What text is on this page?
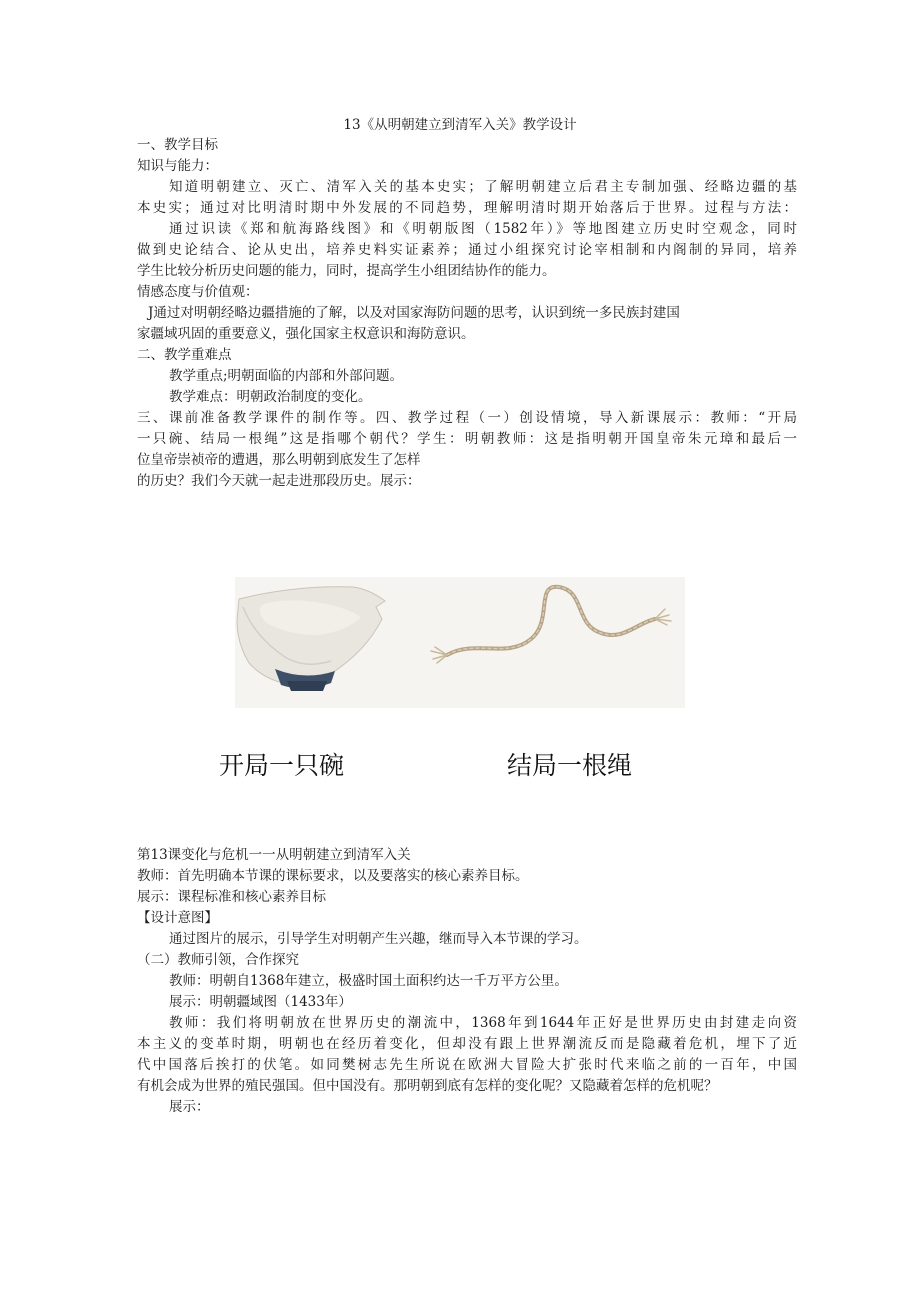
13《从明朝建立到清军入关》教学设计
一、教学目标
知识与能力：
知道明朝建立、灭亡、清军入关的基本史实；了解明朝建立后君主专制加强、经略边疆的基
本史实；通过对比明清时期中外发展的不同趋势，理解明清时期开始落后于世界。过程与方法：
通过识读《郑和航海路线图》和《明朝版图（1582年）》等地图建立历史时空观念，同时
做到史论结合、论从史出，培养史料实证素养；通过小组探究讨论宰相制和内阁制的异同，培养
学生比较分析历史问题的能力，同时，提高学生小组团结协作的能力。
情感态度与价值观：
J通过对明朝经略边疆措施的了解，以及对国家海防问题的思考，认识到统一多民族封建国
家疆域巩固的重要意义，强化国家主权意识和海防意识。
二、教学重难点
教学重点;明朝面临的内部和外部问题。
教学难点：明朝政治制度的变化。
三、课前准备教学课件的制作等。四、教学过程（一）创设情境，导入新课展示：教师：“开局
一只碗、结局一根绳”这是指哪个朝代？学生：明朝教师：这是指明朝开国皇帝朱元璋和最后一
位皇帝崇祯帝的遭遇，那么明朝到底发生了怎样
的历史？我们今天就一起走进那段历史。展示：
开局一只碗	结局一根绳
第13课变化与危机一一从明朝建立到清军入关
教师：首先明确本节课的课标要求，以及要落实的核心素养目标。
展示：课程标准和核心素养目标
【设计意图】
通过图片的展示，引导学生对明朝产生兴趣，继而导入本节课的学习。
（二）教师引领，合作探究
教师：明朝自1368年建立，极盛时国土面积约达一千万平方公里。
展示：明朝疆域图（1433年）
教师：我们将明朝放在世界历史的潮流中，1368年到1644年正好是世界历史由封建走向资
本主义的变革时期，明朝也在经历着变化，但却没有跟上世界潮流反而是隐藏着危机，埋下了近
代中国落后挨打的伏笔。如同樊树志先生所说在欧洲大冒险大扩张时代来临之前的一百年，中国
有机会成为世界的殖民强国。但中国没有。那明朝到底有怎样的变化呢？又隐藏着怎样的危机呢？
展示：
